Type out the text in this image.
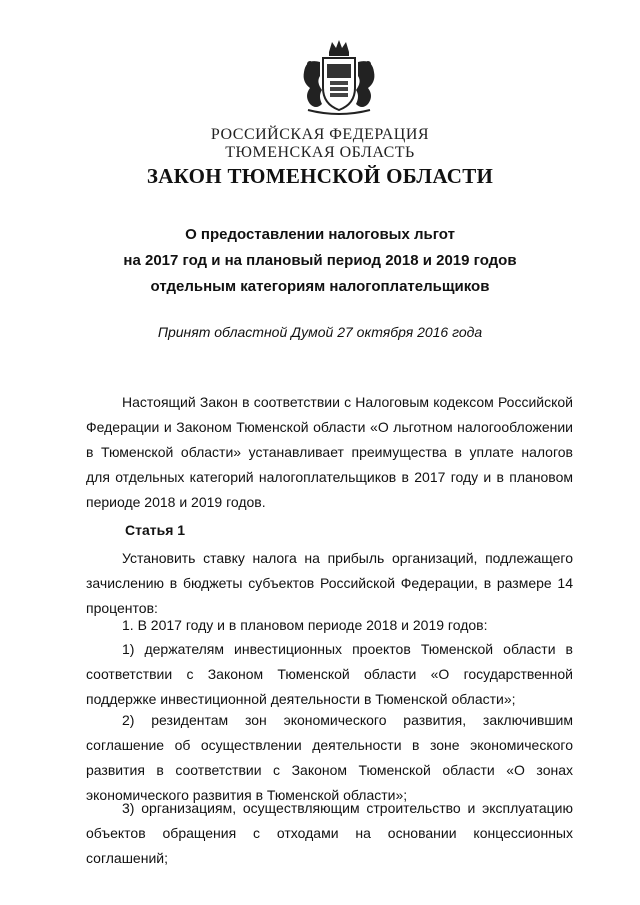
РОССИЙСКАЯ ФЕДЕРАЦИЯ
ТЮМЕНСКАЯ ОБЛАСТЬ
ЗАКОН ТЮМЕНСКОЙ ОБЛАСТИ
О предоставлении налоговых льгот
на 2017 год и на плановый период 2018 и 2019 годов
отдельным категориям налогоплательщиков
Принят областной Думой 27 октября 2016 года
Настоящий Закон в соответствии с Налоговым кодексом Российской Федерации и Законом Тюменской области «О льготном налогообложении в Тюменской области» устанавливает преимущества в уплате налогов для отдельных категорий налогоплательщиков в 2017 году и в плановом периоде 2018 и 2019 годов.
Статья 1
Установить ставку налога на прибыль организаций, подлежащего зачислению в бюджеты субъектов Российской Федерации, в размере 14 процентов:
1. В 2017 году и в плановом периоде 2018 и 2019 годов:
1) держателям инвестиционных проектов Тюменской области в соответствии с Законом Тюменской области «О государственной поддержке инвестиционной деятельности в Тюменской области»;
2) резидентам зон экономического развития, заключившим соглашение об осуществлении деятельности в зоне экономического развития в соответствии с Законом Тюменской области «О зонах экономического развития в Тюменской области»;
3) организациям, осуществляющим строительство и эксплуатацию объектов обращения с отходами на основании концессионных соглашений;
